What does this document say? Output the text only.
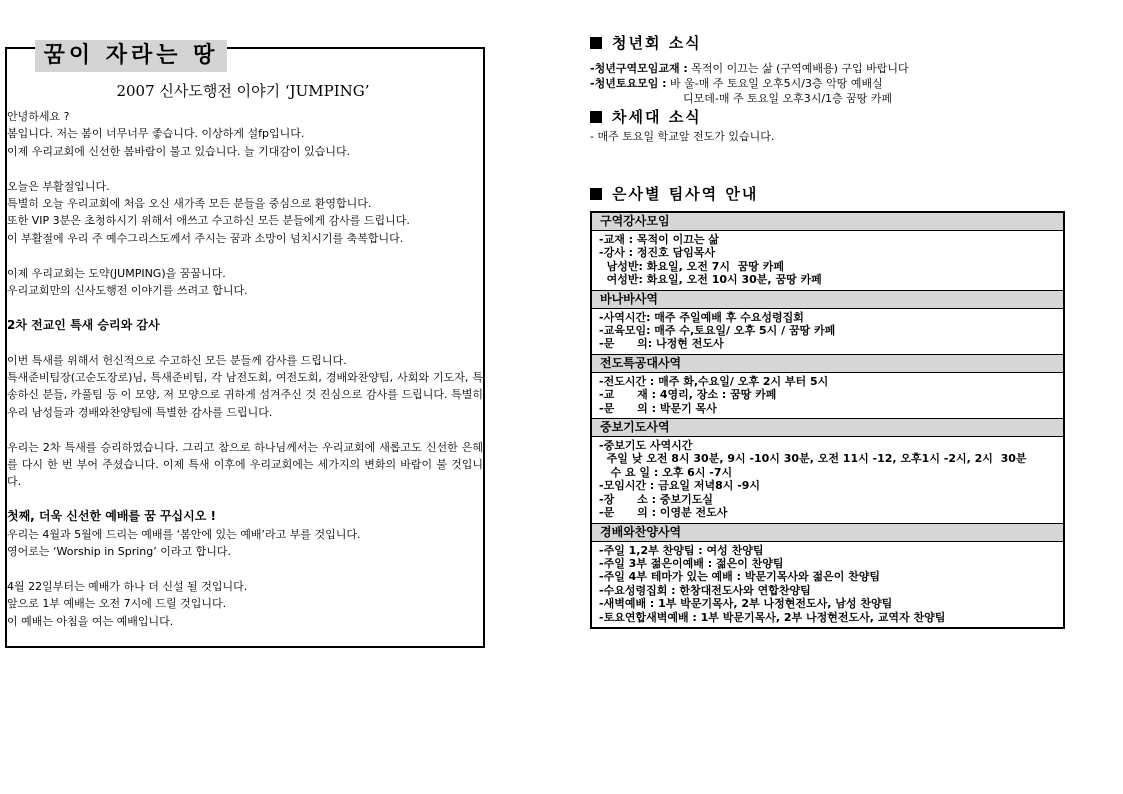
꿈이 자라는 땅
2007 신사도행전 이야기 ‘JUMPING’

안녕하세요 ?

봄입니다. 저는 봄이 너무너무 좋습니다. 이상하게 설fp입니다.

이제 우리교회에 신선한 봄바람이 불고 있습니다. 늘 기대감이 있습니다.

오늘은 부활절입니다.

특별히 오늘 우리교회에 처음 오신 새가족 모든 분들을 중심으로 환영합니다.

또한 VIP 3분은 초청하시기 위해서 애쓰고 수고하신 모든 분들에게 감사를 드립니다.

이 부활절에 우리 주 예수그리스도께서 주시는 꿈과 소망이 넘치시기를 축복합니다.

이제 우리교회는 도약(JUMPING)을 꿈꿉니다.

우리교회만의 신사도행전 이야기를 쓰려고 합니다.

2차 전교인 특새 승리와 감사

이번 특새를 위해서 헌신적으로 수고하신 모든 분들께 감사를 드립니다.

특새준비팀장(고순도장로)님, 특새준비팀, 각 남전도회, 여전도회, 경배와찬양팀, 사회와 기도자, 특송하신 분들, 카풀팀 등 이 모양, 저 모양으로 귀하게 섬겨주신 것 진심으로 감사를 드립니다. 특별히 우리 남성들과 경배와찬양팀에 특별한 감사를 드립니다.

우리는 2차 특새를 승리하였습니다. 그리고 참으로 하나님께서는 우리교회에 새롭고도 신선한 은혜를 다시 한 번 부어 주셨습니다. 이제 특새 이후에 우리교회에는 세가지의 변화의 바람이 불 것입니다.

첫째, 더욱 신선한 예배를 꿈 꾸십시오 !

우리는 4월과 5월에 드리는 예배를 ‘봄안에 있는 예배’라고 부를 것입니다.

영어로는 ‘Worship in Spring’ 이라고 합니다.

4월 22일부터는 예배가 하나 더 신설 될 것입니다.

앞으로 1부 예배는 오전 7시에 드릴 것입니다.

이 예배는 아침을 여는 예배입니다.

청년회 소식
-청년구역모임교재 : 목적이 이끄는 삶 (구역예배용) 구입 바랍니다
-청년토요모임 : 바 울-매 주 토요일 오후5시/3층 악땅 예배실
디모데-매 주 토요일 오후3시/1층 꿈땅 카페
차세대 소식
- 매주 토요일 학교앞 전도가 있습니다.
은사별 팀사역 안내
구역강사모임
-교재 : 목적이 이끄는 삶
-강사 : 정진호 담임목사
남성반: 화요일, 오전 7시  꿈땅 카페
여성반: 화요일, 오전 10시 30분, 꿈땅 카페
바나바사역
-사역시간: 매주 주일예배 후 수요성령집회
-교육모임: 매주 수,토요일/ 오후 5시 / 꿈땅 카페
-문      의: 나정현 전도사
전도특공대사역
-전도시간 : 매주 화,수요일/ 오후 2시 부터 5시
-교      재 : 4영리, 장소 : 꿈땅 카페
-문      의 : 박문기 목사
중보기도사역
-중보기도 사역시간
주일 낮 오전 8시 30분, 9시 -10시 30분, 오전 11시 -12, 오후1시 -2시, 2시  30분
수 요 일 : 오후 6시 -7시
-모임시간 : 금요일 저녁8시 -9시
-장      소 : 중보기도실
-문      의 : 이영분 전도사
경배와찬양사역
-주일 1,2부 찬양팀 : 여성 찬양팀
-주일 3부 젊은이예배 : 젊은이 찬양팀
-주일 4부 테마가 있는 예배 : 박문기목사와 젊은이 찬양팀
-수요성령집회 : 한창대전도사와 연합찬양팀
-새벽예배 : 1부 박문기목사, 2부 나정현전도사, 남성 찬양팀
-토요연합새벽예배 : 1부 박문기목사, 2부 나정현전도사, 교역자 찬양팀
